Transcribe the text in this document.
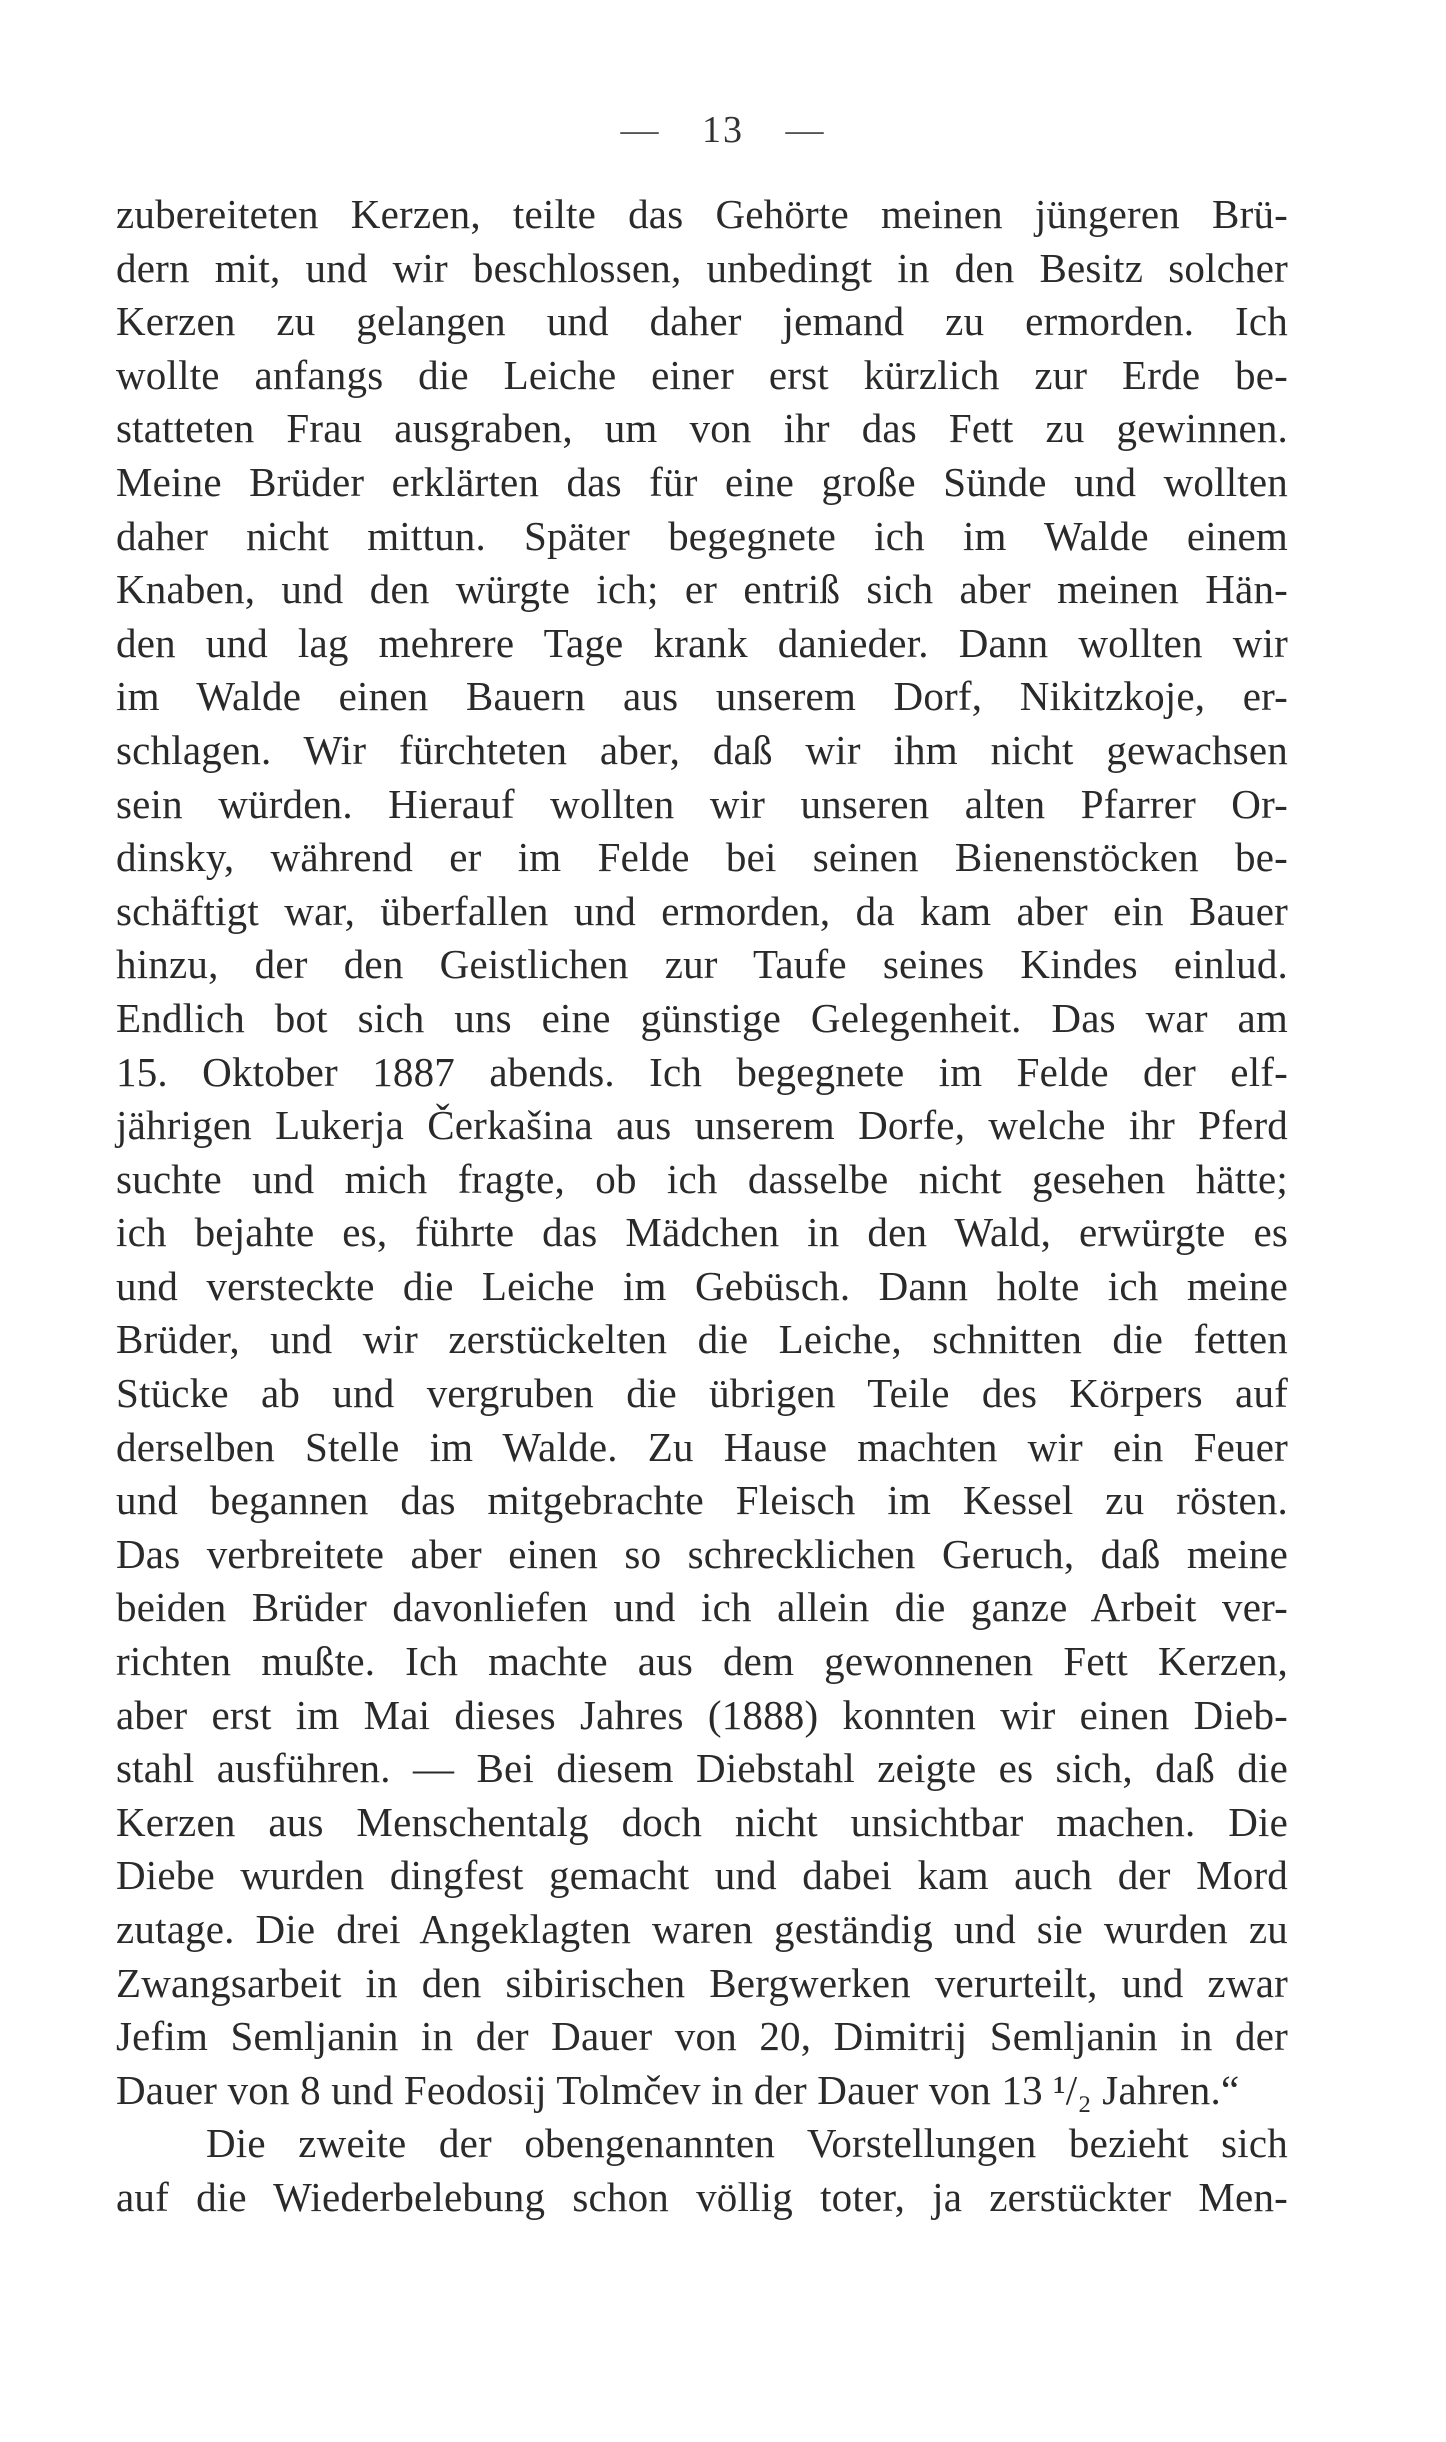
— 13 —
zubereiteten Kerzen, teilte das Gehörte meinen jüngeren Brü-
dern mit, und wir beschlossen, unbedingt in den Besitz solcher
Kerzen zu gelangen und daher jemand zu ermorden. Ich
wollte anfangs die Leiche einer erst kürzlich zur Erde be-
statteten Frau ausgraben, um von ihr das Fett zu gewinnen.
Meine Brüder erklärten das für eine große Sünde und wollten
daher nicht mittun. Später begegnete ich im Walde einem
Knaben, und den würgte ich; er entriß sich aber meinen Hän-
den und lag mehrere Tage krank danieder. Dann wollten wir
im Walde einen Bauern aus unserem Dorf, Nikitzkoje, er-
schlagen. Wir fürchteten aber, daß wir ihm nicht gewachsen
sein würden. Hierauf wollten wir unseren alten Pfarrer Or-
dinsky, während er im Felde bei seinen Bienenstöcken be-
schäftigt war, überfallen und ermorden, da kam aber ein Bauer
hinzu, der den Geistlichen zur Taufe seines Kindes einlud.
Endlich bot sich uns eine günstige Gelegenheit. Das war am
15. Oktober 1887 abends. Ich begegnete im Felde der elf-
jährigen Lukerja Čerkašina aus unserem Dorfe, welche ihr Pferd
suchte und mich fragte, ob ich dasselbe nicht gesehen hätte;
ich bejahte es, führte das Mädchen in den Wald, erwürgte es
und versteckte die Leiche im Gebüsch. Dann holte ich meine
Brüder, und wir zerstückelten die Leiche, schnitten die fetten
Stücke ab und vergruben die übrigen Teile des Körpers auf
derselben Stelle im Walde. Zu Hause machten wir ein Feuer
und begannen das mitgebrachte Fleisch im Kessel zu rösten.
Das verbreitete aber einen so schrecklichen Geruch, daß meine
beiden Brüder davonliefen und ich allein die ganze Arbeit ver-
richten mußte. Ich machte aus dem gewonnenen Fett Kerzen,
aber erst im Mai dieses Jahres (1888) konnten wir einen Dieb-
stahl ausführen. — Bei diesem Diebstahl zeigte es sich, daß die
Kerzen aus Menschentalg doch nicht unsichtbar machen. Die
Diebe wurden dingfest gemacht und dabei kam auch der Mord
zutage. Die drei Angeklagten waren geständig und sie wurden zu
Zwangsarbeit in den sibirischen Bergwerken verurteilt, und zwar
Jefim Semljanin in der Dauer von 20, Dimitrij Semljanin in der
Dauer von 8 und Feodosij Tolmčev in der Dauer von 13 ¹/₂ Jahren.“
Die zweite der obengenannten Vorstellungen bezieht sich
auf die Wiederbelebung schon völlig toter, ja zerstückter Men-
